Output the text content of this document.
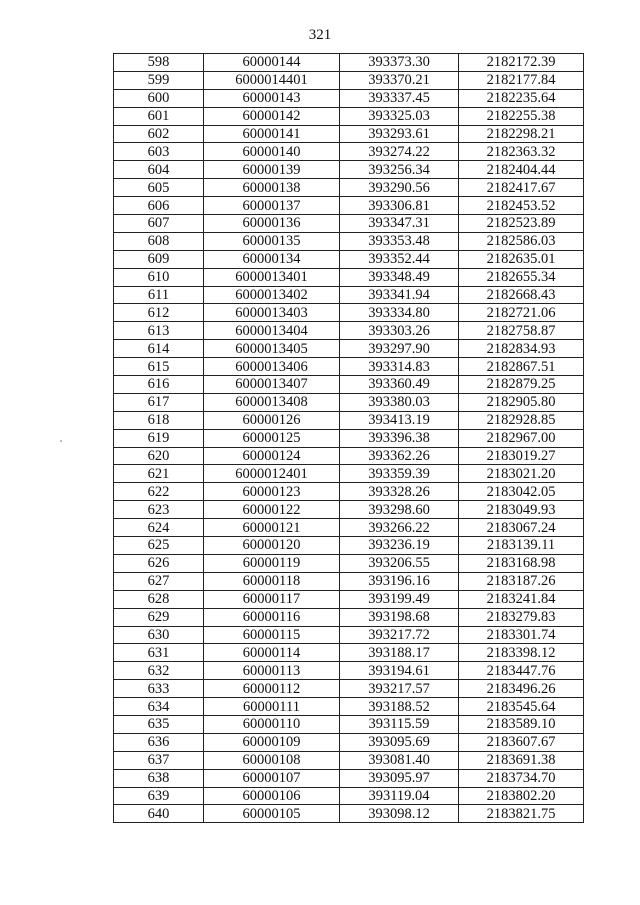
321
598	60000144	393373.30	2182172.39
599	6000014401	393370.21	2182177.84
600	60000143	393337.45	2182235.64
601	60000142	393325.03	2182255.38
602	60000141	393293.61	2182298.21
603	60000140	393274.22	2182363.32
604	60000139	393256.34	2182404.44
605	60000138	393290.56	2182417.67
606	60000137	393306.81	2182453.52
607	60000136	393347.31	2182523.89
608	60000135	393353.48	2182586.03
609	60000134	393352.44	2182635.01
610	6000013401	393348.49	2182655.34
611	6000013402	393341.94	2182668.43
612	6000013403	393334.80	2182721.06
613	6000013404	393303.26	2182758.87
614	6000013405	393297.90	2182834.93
615	6000013406	393314.83	2182867.51
616	6000013407	393360.49	2182879.25
617	6000013408	393380.03	2182905.80
618	60000126	393413.19	2182928.85
619	60000125	393396.38	2182967.00
620	60000124	393362.26	2183019.27
621	6000012401	393359.39	2183021.20
622	60000123	393328.26	2183042.05
623	60000122	393298.60	2183049.93
624	60000121	393266.22	2183067.24
625	60000120	393236.19	2183139.11
626	60000119	393206.55	2183168.98
627	60000118	393196.16	2183187.26
628	60000117	393199.49	2183241.84
629	60000116	393198.68	2183279.83
630	60000115	393217.72	2183301.74
631	60000114	393188.17	2183398.12
632	60000113	393194.61	2183447.76
633	60000112	393217.57	2183496.26
634	60000111	393188.52	2183545.64
635	60000110	393115.59	2183589.10
636	60000109	393095.69	2183607.67
637	60000108	393081.40	2183691.38
638	60000107	393095.97	2183734.70
639	60000106	393119.04	2183802.20
640	60000105	393098.12	2183821.75
